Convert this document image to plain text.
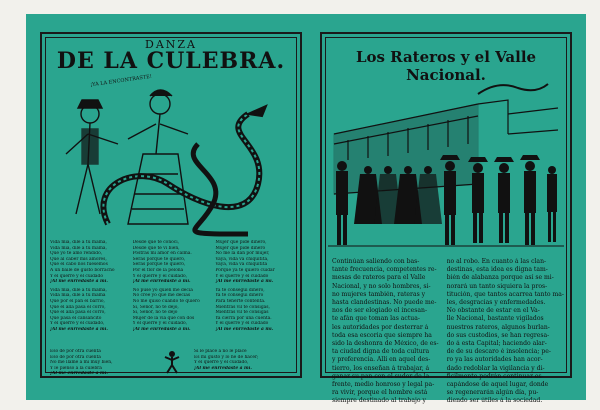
DANZA
DE LA CULEBRA.
¡YA LA ENCONTRASTE!
Vida mía, dile á tu mamá,
Vida mía, dile á tu mamá,
Que yo te amo rendido,
Que al caber mis amores,
Que el cabo nos fuésemos
A un baile de gusto borracho
Y el querré y el cuidado
¡Al me enrredaste á mí.
Desde que te conocí,
Desde que te vi bien,
Postras mi amor en calma.
Serás porque te quiero,
Serás porque te quiero,
Por el flor de la pelona
Y el querré y el cuidado,
¡Al me enrredaste á mí.
Mujer que pide dinero,
Mujer que pide dinero
No me la dan por mujer,
Vaya, vida va chiquitita,
Vaya, vida va chiquitita
Porque ya te quiero cuidar
Y el querré y el cuidado
¡Al me enrredaste á mí.
Vida mía, dile á tu mamá,
Vida mía, dile á tu mamá
Que por el pan el barrio,
Que el alla pasa el corro,
Que el alla pasa el corro,
Que pasa el cansancito
Y el querré y el cuidado,
¡Al me enrredaste á mí.
No puse yo quien me decía
No cree yo que me decías
No me quiso cuando te quiero
Si, Señor, no te dejo,
Si, Señor, no te dejo
Mujer de la vía que con dos
Y el querré y el cuidado,
¡Al me enrredaste á mí.
Ya te conseguí dinero,
Ya te conseguí dinero
Para tenerte contenta.
Mientras vil te consigas,
Mientras vil te consigas
Ya cierra por una cuenta.
Y el querré y el cuidado
¡Al me enrredaste á mí.
Eso de por otra cuenta
Eso de por otra cuenta
No me llame á mi muy bien,
Y le pienso á la culebra
¡Al me enrredaste á mí.
Si le place á no le place
Es mi gusto y lo he de hacer;
Y el querré y el cuidado,
¡Al me enrredaste á mí.
Los Rateros y el Valle Nacional.
Continúan saliendo con bas-
tante frecuencia, competentes re-
mesas de rateros para el Valle
Nacional, y no solo hombres, si-
no mujeres también, rateras y
hasta clandestinas. No puede me-
nos de ser elogiado el incesan-
te afán que toman las actua-
les autoridades por desterrar á
toda esa escoria que siempre ha
sido la deshonra de México, de es-
ta ciudad digna de toda cultura
y preferencia. Allí en aquel des-
tierro, los enseñan á trabajar, á
ganar su pan con el sudor de la
frente, medio honroso y legal pa-
ra vivir, porque el hombre está
siempre destinado al trabajo y
no al robo. En cuanto á las clan-
destinas, esta idea es digna tam-
bién de alabanza porque así se mi-
norará un tanto siquiera la pros-
titución, que tantos acarrea tanto ma-
les, desgracias y enfermedades.
No obstante de estar en el Va-
lle Nacional, bastante vigilados
nuestros rateros, algunos burlan-
do sus custodios, se han regresa-
do á esta Capital; haciendo alar-
de de su descaro é insolencia; pe-
ro ya las autoridades han acor-
dado redoblar la vigilancia y di-
ficilmente podrán continuar es-
capándose de aquel lugar, donde
se regenerarán algún día, pu-
diendo ser útiles á la sociedad.
